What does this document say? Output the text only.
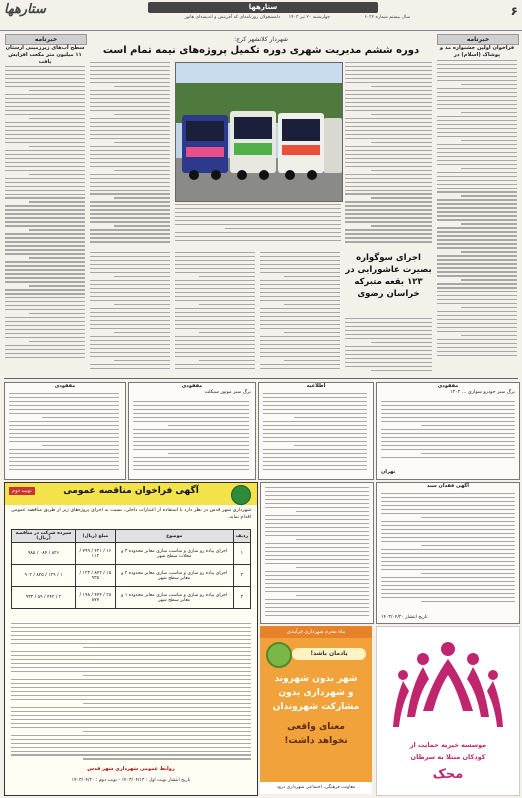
ستارهها
دلمشغولان روزنامه‌ای که آفرینش و اندیشه‌ای هاتور	چهارشنبه ۲۰ تیر ۱۴۰۳	سال بیستم شماره ۶۰۳۲
ستارهها	۶
خبرنامه
فراخوان اولین جشنواره مد و پوشاک (اسلام) در
خبرنامه
سطح آب‌های زیرزمینی ارستان ۱۱ میلیون متر مکعب افزایش یافت
شهردار کلانشهر کرج:
دوره ششم مدیریت شهری دوره تکمیل پروژه‌های نیمه تمام است
اجرای سوگواره بصیرت عاشورایی در ۱۲۳ بقعه متبرکه خراسان رضوی
مفقودی	مفقودی
برگ سبز موتور سیکلت
اطلاعیه	مفقودی
برگ سبز خودرو سواری ... ۱۴۰۲
تهران
نوبت دوم	آگهی فراخوان مناقصه عمومی
شهرداری شهر قدس در نظر دارد با استفاده از اعتبارات داخلی، نسبت به اجرای پروژه‌های زیر از طریق مناقصه عمومی اقدام نماید.
ردیف	موضوع	مبلغ (ریال)	سپرده شرکت در مناقصه (ریال)
۱	اجرای پیاده رو سازی و مناسب سازی معابر محدوده ۳ و محلات سطح شهر	۱۶ / ۴۲۱ / ۷۹۹ / ۱۱۲	۸۲۶ / ۰۸۴ / ۹۸۵
۲	اجرای پیاده رو سازی و مناسب سازی معابر محدوده ۲ و معابر سطح شهر	۱۵ / ۸۴۲ / ۱۲۳ / ۹۳۵	۱ / ۱۲۹ / ۸۲۵ / ۹۰۲
۳	اجرای پیاده رو سازی و مناسب سازی معابر محدوده ۱ و معابر سطح شهر	۲۸ / ۴۴۴ / ۱۹۸ / ۸۷۷	۲ / ۴۴۲ / ۵۹ / ۹۳۳
روابط عمومی شهرداری شهر قدس
تاریخ انتشار نوبت اول : ۱۴۰۳/۰۴/۱۳ - نوبت دوم : ۱۴۰۳/۰۴/۲۰
آگهی فقدان سند
تاریخ انتشار ۱۴۰۳/۰۴/۲۰
ماه محرم شهرداری فرآیندی
یادمان باشد!
شهر بدون شهروند
و شهرداری بدون
مشارکت شهروندان
معنای واقعی
نخواهد داشت!
معاونت فرهنگی، اجتماعی شهرداری درود
موسسه خیریه حمایت از
کودکان مبتلا به سرطان
محک
